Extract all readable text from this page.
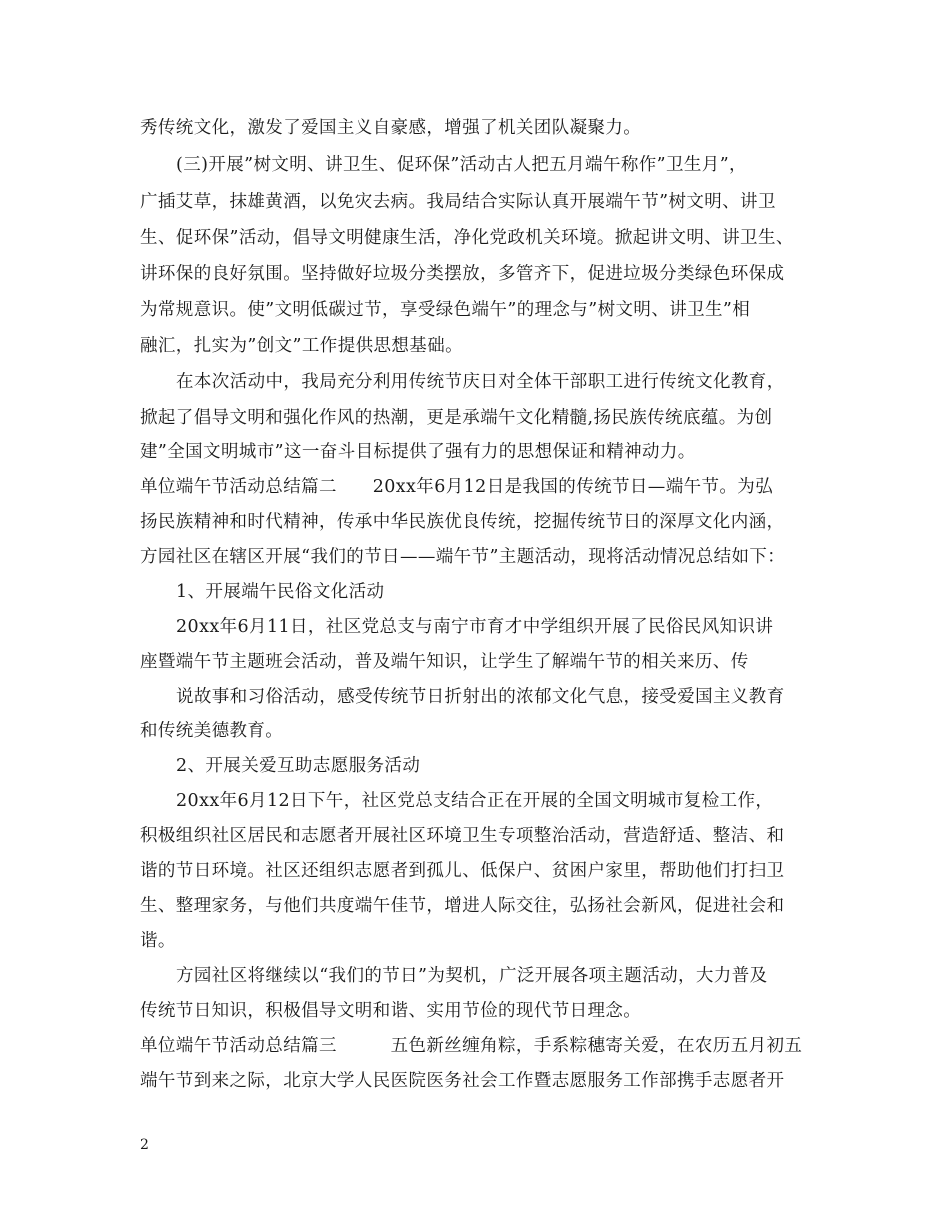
秀传统文化，激发了爱国主义自豪感，增强了机关团队凝聚力。
(三)开展”树文明、讲卫生、促环保”活动古人把五月端午称作”卫生月”，
广插艾草，抹雄黄酒，以免灾去病。我局结合实际认真开展端午节”树文明、讲卫
生、促环保”活动，倡导文明健康生活，净化党政机关环境。掀起讲文明、讲卫生、
讲环保的良好氛围。坚持做好垃圾分类摆放，多管齐下，促进垃圾分类绿色环保成
为常规意识。使”文明低碳过节，享受绿色端午”的理念与”树文明、讲卫生”相
融汇，扎实为”创文”工作提供思想基础。
在本次活动中，我局充分利用传统节庆日对全体干部职工进行传统文化教育，
掀起了倡导文明和强化作风的热潮，更是承端午文化精髓,扬民族传统底蕴。为创
建”全国文明城市”这一奋斗目标提供了强有力的思想保证和精神动力。
单位端午节活动总结篇二　　20xx年6月12日是我国的传统节日—端午节。为弘
扬民族精神和时代精神，传承中华民族优良传统，挖掘传统节日的深厚文化内涵，
方园社区在辖区开展“我们的节日——端午节”主题活动，现将活动情况总结如下：
1、开展端午民俗文化活动
20xx年6月11日，社区党总支与南宁市育才中学组织开展了民俗民风知识讲
座暨端午节主题班会活动，普及端午知识，让学生了解端午节的相关来历、传
说故事和习俗活动，感受传统节日折射出的浓郁文化气息，接受爱国主义教育
和传统美德教育。
2、开展关爱互助志愿服务活动
20xx年6月12日下午，社区党总支结合正在开展的全国文明城市复检工作，
积极组织社区居民和志愿者开展社区环境卫生专项整治活动，营造舒适、整洁、和
谐的节日环境。社区还组织志愿者到孤儿、低保户、贫困户家里，帮助他们打扫卫
生、整理家务，与他们共度端午佳节，增进人际交往，弘扬社会新风，促进社会和
谐。
方园社区将继续以“我们的节日”为契机，广泛开展各项主题活动，大力普及
传统节日知识，积极倡导文明和谐、实用节俭的现代节日理念。
单位端午节活动总结篇三　　　五色新丝缠角粽，手系粽穗寄关爱，在农历五月初五
端午节到来之际，北京大学人民医院医务社会工作暨志愿服务工作部携手志愿者开
2
